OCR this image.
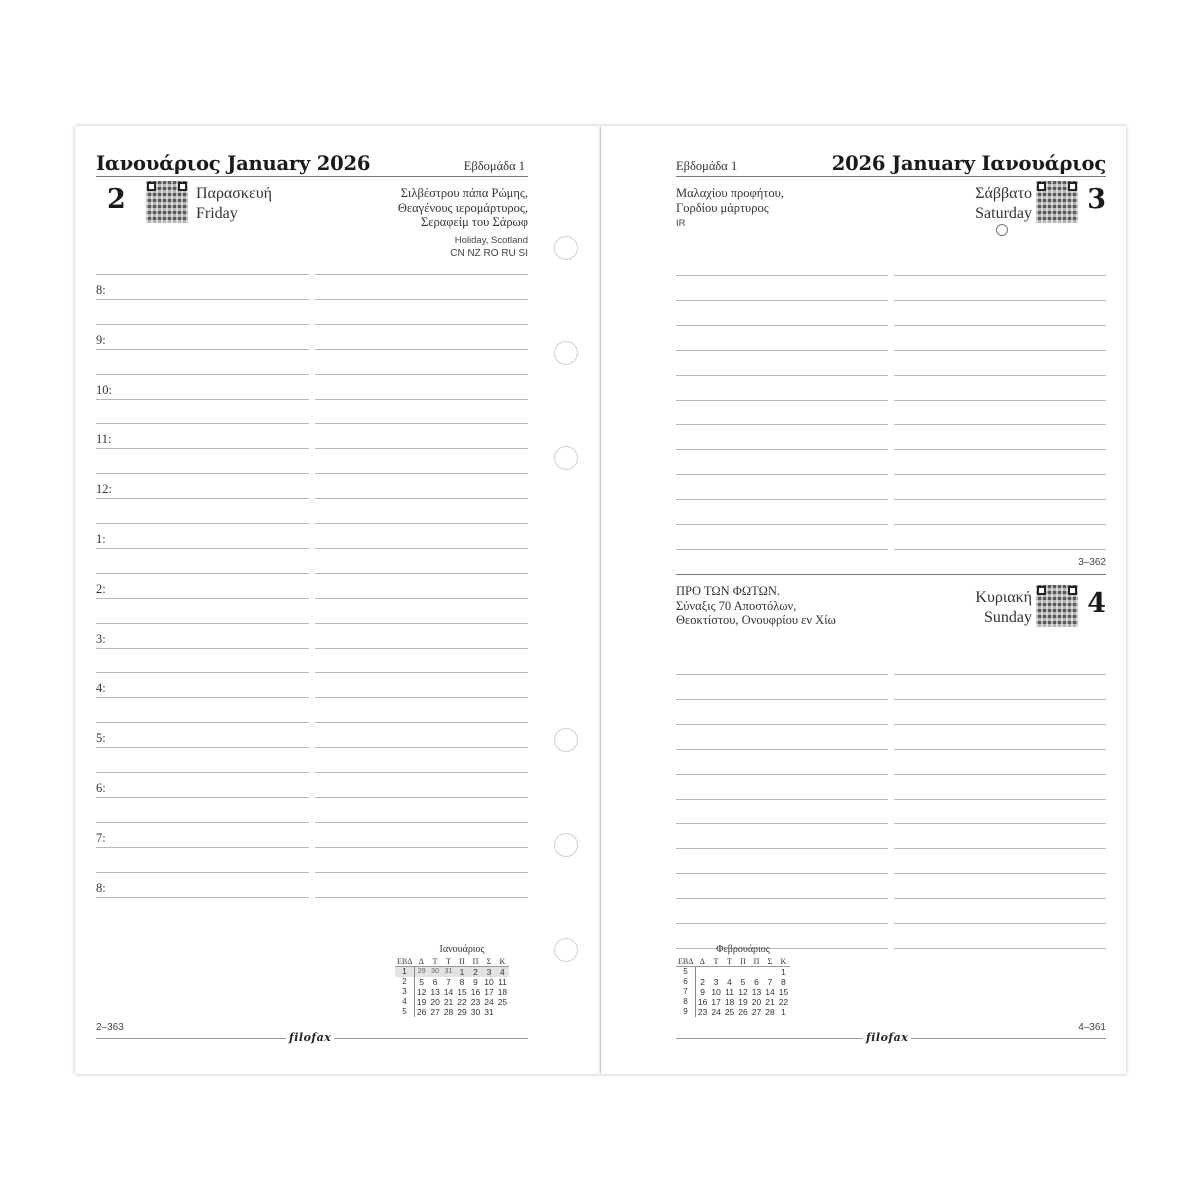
Ιανουάριος January 2026	Εβδομάδα 1
2	Παρασκευή
Friday
Σιλβέστρου πάπα Ρώμης,
Θεαγένους ιερομάρτυρος,
Σεραφείμ του Σάρωφ
Holiday, Scotland
CN NZ RO RU SI
8:
9:
10:
11:
12:
1:
2:
3:
4:
5:
6:
7:
8:
Ιανουάριος
ΕΒΔ	Δ	Τ	Τ	Π	Π	Σ	Κ
1	29	30	31	1	2	3	4
2	5	6	7	8	9	10	11
3	12	13	14	15	16	17	18
4	19	20	21	22	23	24	25
5	26	27	28	29	30	31	
2–363
filofax
Εβδομάδα 1	2026 January Ιανουάριος
Μαλαχίου προφήτου,
Γορδίου μάρτυρος
IR
Σάββατο
Saturday 3
3–362
ΠΡΟ ΤΩΝ ΦΩΤΩΝ.
Σύναξις 70 Αποστόλων,
Θεοκτίστου, Ονουφρίου εν Χίω
Κυριακή
Sunday 4
Φεβρουάριος
ΕΒΔ	Δ	Τ	Τ	Π	Π	Σ	Κ
5							1
6	2	3	4	5	6	7	8
7	9	10	11	12	13	14	15
8	16	17	18	19	20	21	22
9	23	24	25	26	27	28	1
4–361
filofax
